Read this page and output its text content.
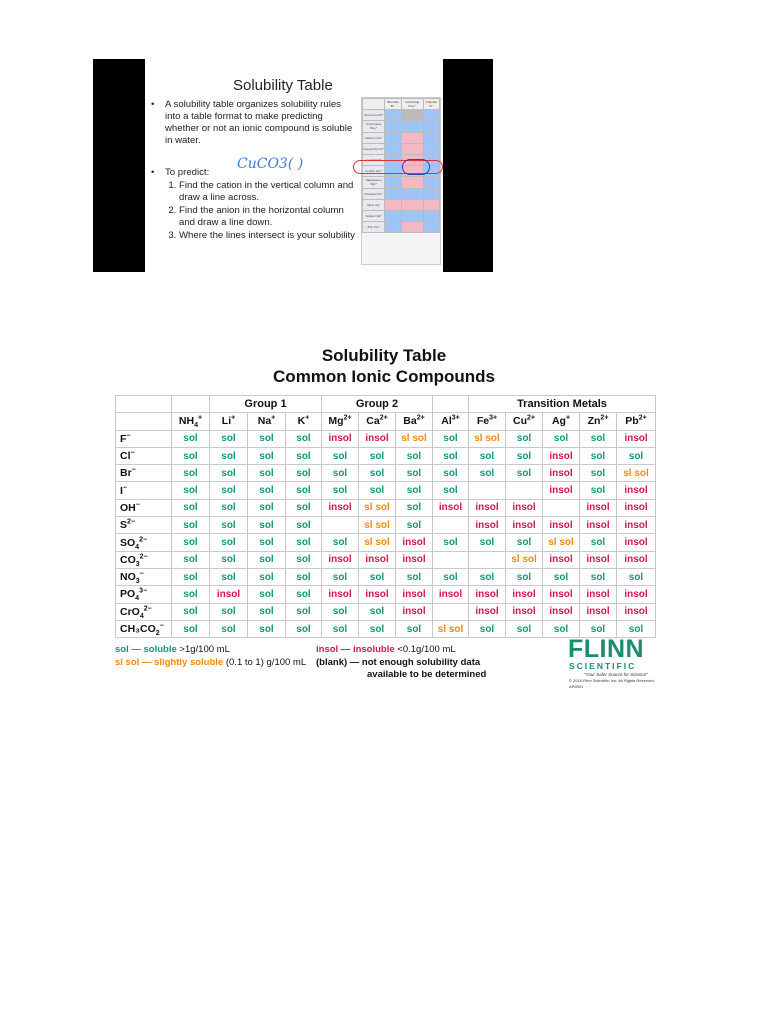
Solubility Table
•	A solubility table organizes solubility rules into a table format to make predicting whether or not an ionic compound is soluble in water.
•	To predict:
1. Find the cation in the vertical column and draw a line across.
2. Find the anion in the horizontal column and draw a line down.
3. Where the lines intersect is your solubility
CuCO3( )
	Bromide Br⁻	Carbonate CO₃²⁻	Chloride Cl⁻
Aluminum Al³⁺			
Ammonium NH₄⁺			
Calcium Ca²⁺			
Copper(II) Cu²⁺			
Iron(II) Fe²⁺			
Iron(III) Fe³⁺			
Magnesium Mg²⁺			
Potassium K⁺			
Silver Ag⁺			
Sodium Na⁺			
Zinc Zn²⁺			
Solubility Table
Common Ionic Compounds
		Group 1			Group 2				Transition Metals				
	$NH_4^+$	Li+	Na+	K+	$Mg^{2+}$	$Ca^{2+}$	$Ba^{2+}$	$Al^{3+}$	$Fe^{3+}$	$Cu^{2+}$	Ag+	$Zn^{2+}$	$Pb^{2+}$
F−	sol	sol	sol	sol	insol	insol	sl sol	sol	sl sol	sol	sol	sol	insol
Cl−	sol	sol	sol	sol	sol	sol	sol	sol	sol	sol	insol	sol	sol
Br−	sol	sol	sol	sol	sol	sol	sol	sol	sol	sol	insol	sol	sl sol
I−	sol	sol	sol	sol	sol	sol	sol	sol			insol	sol	insol
OH−	sol	sol	sol	sol	insol	sl sol	sol	insol	insol	insol		insol	insol
$S^{2-}$	sol	sol	sol	sol		sl sol	sol		insol	insol	insol	insol	insol
$SO_4^{2-}$	sol	sol	sol	sol	sol	sl sol	insol	sol	sol	sol	sl sol	sol	insol
$CO_3^{2-}$	sol	sol	sol	sol	insol	insol	insol			sl sol	insol	insol	insol
$NO_3^-$	sol	sol	sol	sol	sol	sol	sol	sol	sol	sol	sol	sol	sol
$PO_4^{3-}$	sol	insol	sol	sol	insol	insol	insol	insol	insol	insol	insol	insol	insol
CrO$_4^{2-}$	sol	sol	sol	sol	sol	sol	insol		insol	insol	insol	insol	insol
$CH_3CO_2^-$	sol	sol	sol	sol	sol	sol	sol	sl sol	sol	sol	sol	sol	sol
sol — soluble >1g/100 mL
sl sol — slightly soluble (0.1 to 1) g/100 mL
insol — insoluble <0.1g/100 mL
(blank) — not enough solubility data
available to be determined
FLINN
SCIENTIFIC
"Your Safer Source for Science"
© 2016 Flinn Scientific, Inc. All Rights Reserved.
AP6901
